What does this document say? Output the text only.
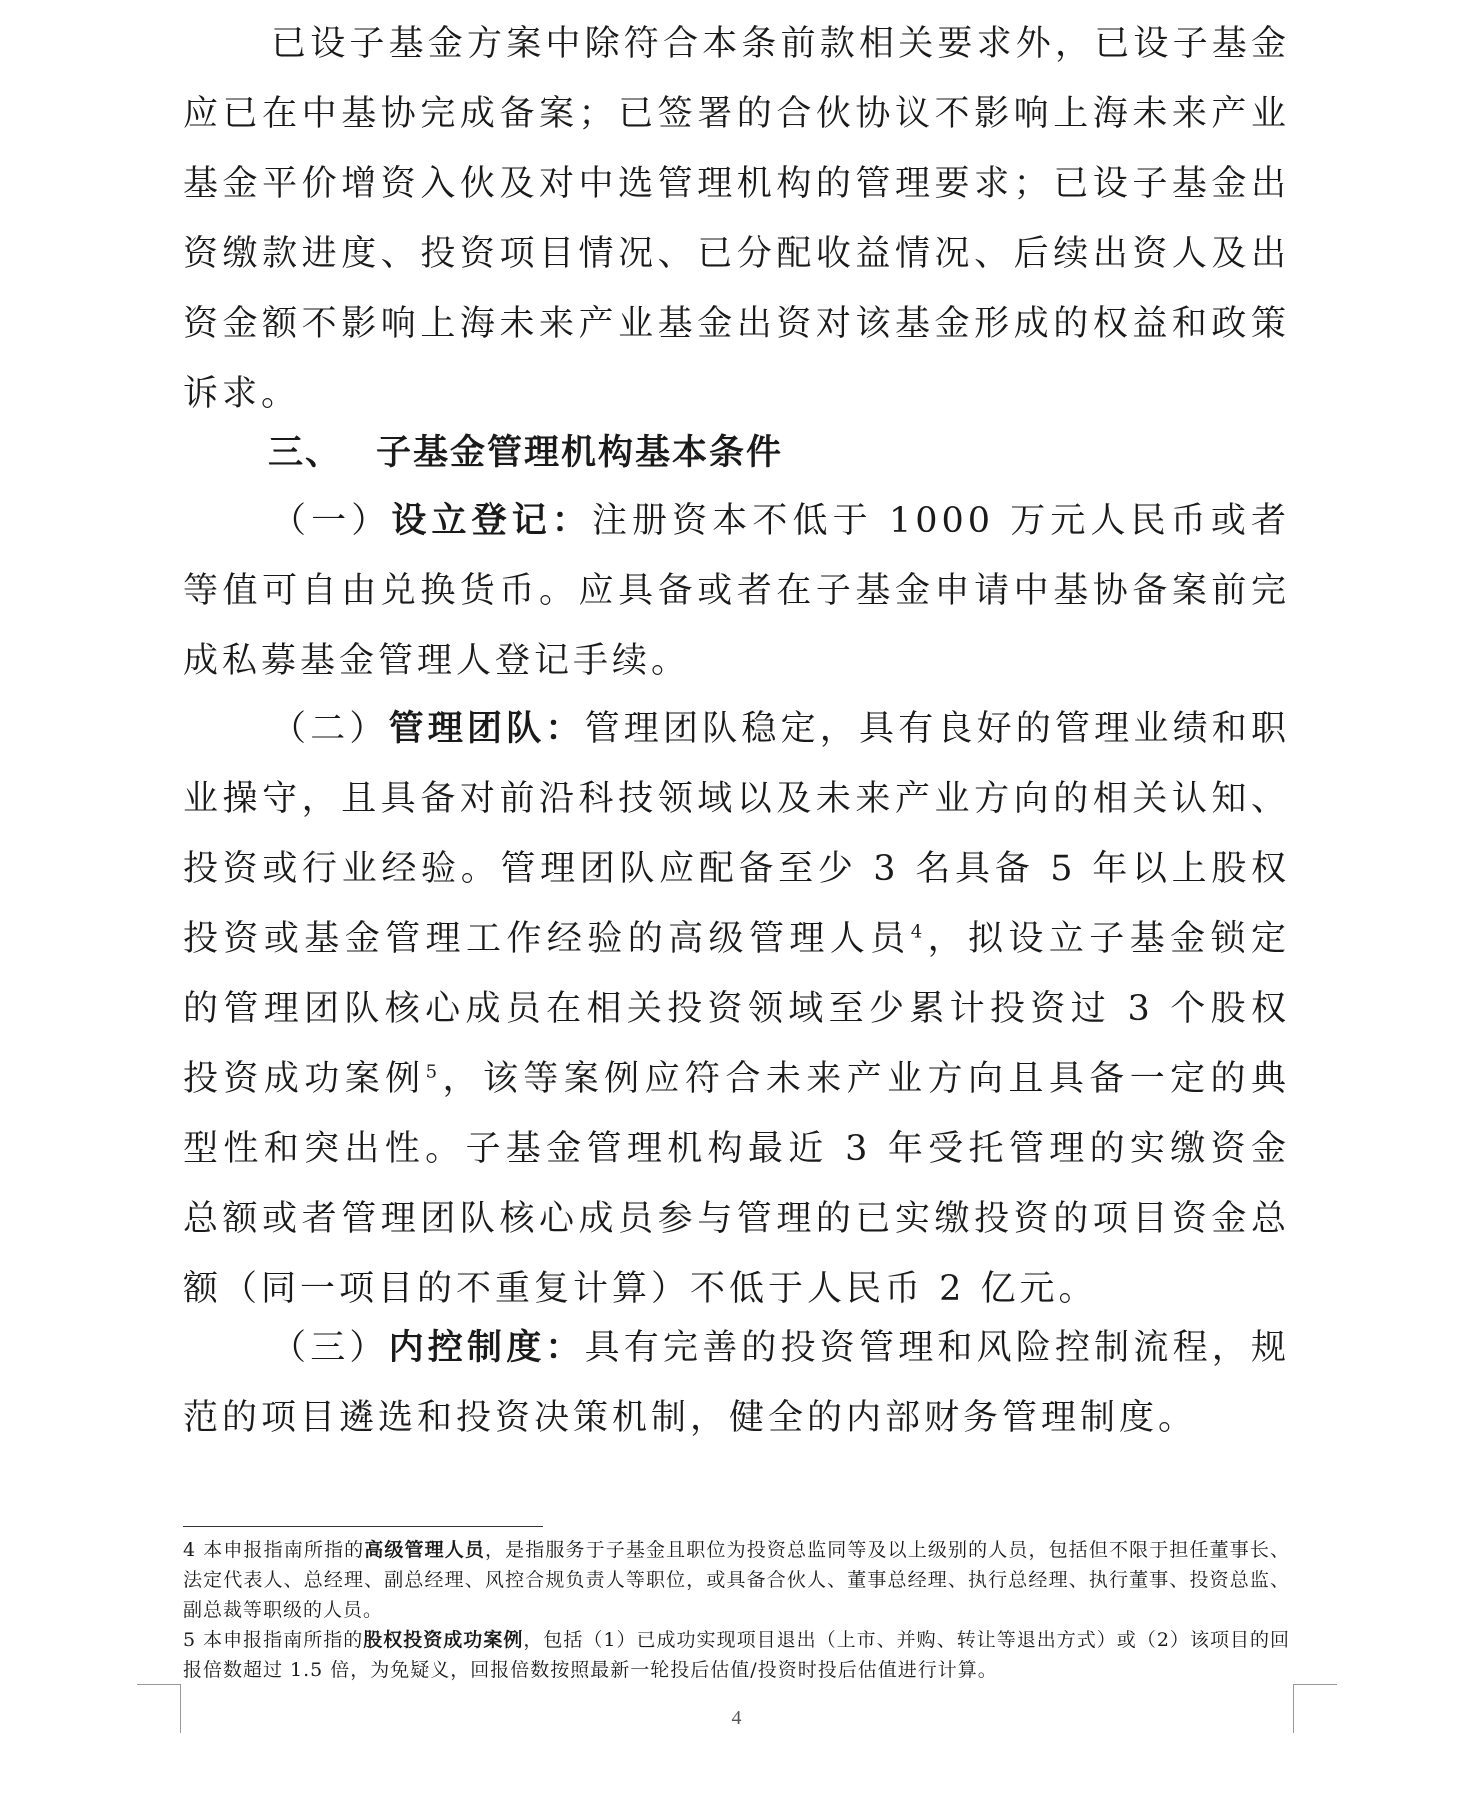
已设子基金方案中除符合本条前款相关要求外，已设子基金应已在中基协完成备案；已签署的合伙协议不影响上海未来产业基金平价增资入伙及对中选管理机构的管理要求；已设子基金出资缴款进度、投资项目情况、已分配收益情况、后续出资人及出资金额不影响上海未来产业基金出资对该基金形成的权益和政策诉求。

三、 子基金管理机构基本条件

（一）设立登记：注册资本不低于 1000 万元人民币或者等值可自由兑换货币。应具备或者在子基金申请中基协备案前完成私募基金管理人登记手续。

（二）管理团队：管理团队稳定，具有良好的管理业绩和职业操守，且具备对前沿科技领域以及未来产业方向的相关认知、投资或行业经验。管理团队应配备至少 3 名具备 5 年以上股权投资或基金管理工作经验的高级管理人员$^4$，拟设立子基金锁定的管理团队核心成员在相关投资领域至少累计投资过 3 个股权投资成功案例$^5$，该等案例应符合未来产业方向且具备一定的典型性和突出性。子基金管理机构最近 3 年受托管理的实缴资金总额或者管理团队核心成员参与管理的已实缴投资的项目资金总额（同一项目的不重复计算）不低于人民币 2 亿元。

（三）内控制度：具有完善的投资管理和风险控制流程，规范的项目遴选和投资决策机制，健全的内部财务管理制度。

4 本申报指南所指的高级管理人员，是指服务于子基金且职位为投资总监同等及以上级别的人员，包括但不限于担任董事长、法定代表人、总经理、副总经理、风控合规负责人等职位，或具备合伙人、董事总经理、执行总经理、执行董事、投资总监、副总裁等职级的人员。

5 本申报指南所指的股权投资成功案例，包括（1）已成功实现项目退出（上市、并购、转让等退出方式）或（2）该项目的回报倍数超过 1.5 倍，为免疑义，回报倍数按照最新一轮投后估值/投资时投后估值进行计算。

4
